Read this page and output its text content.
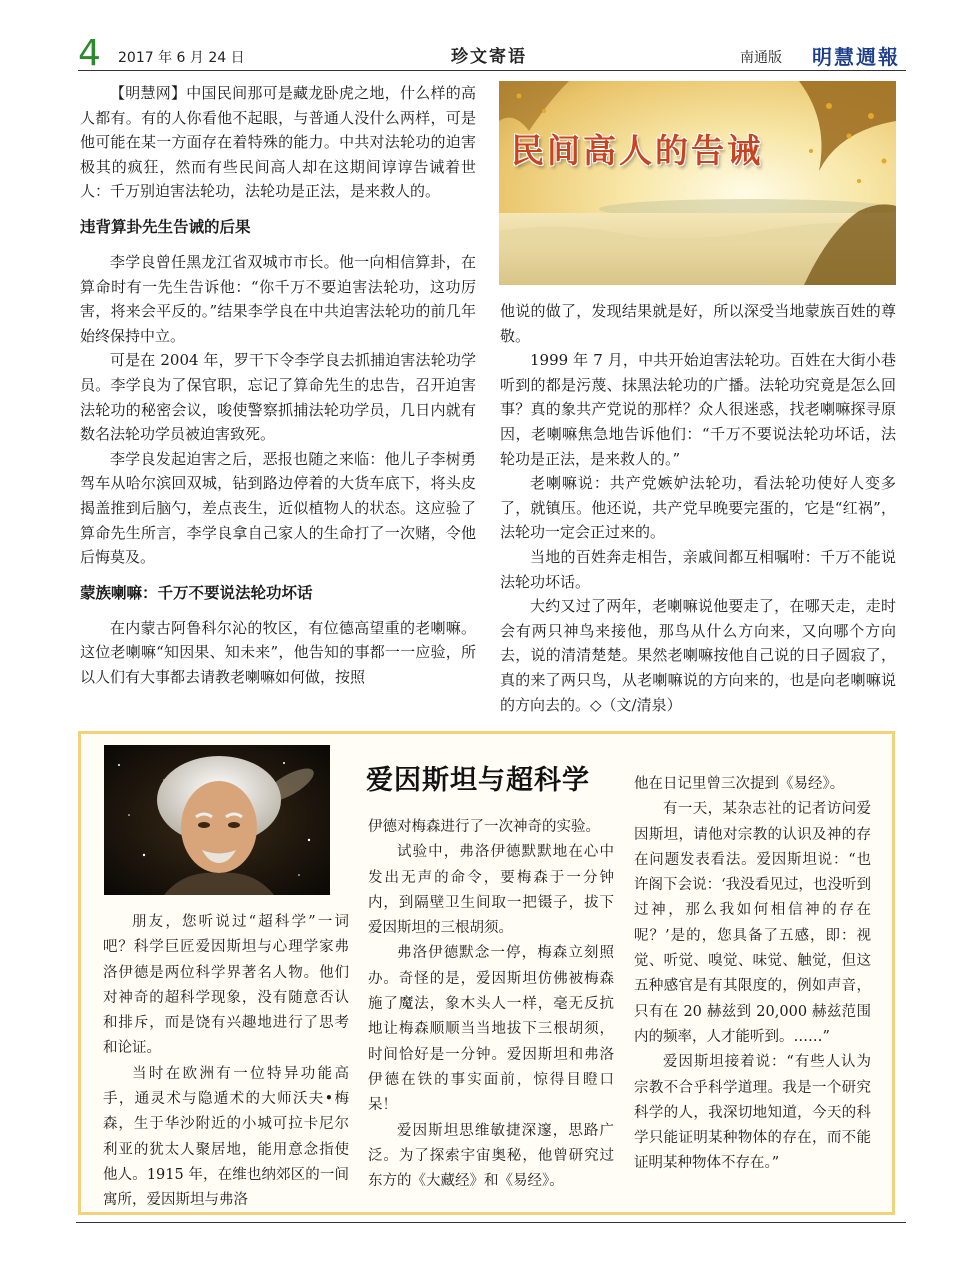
4 2017 年 6 月 24 日	珍文寄语	南通版 明慧週報

【明慧网】中国民间那可是藏龙卧虎之地，什么样的高人都有。有的人你看他不起眼，与普通人没什么两样，可是他可能在某一方面存在着特殊的能力。中共对法轮功的迫害极其的疯狂，然而有些民间高人却在这期间谆谆告诫着世人：千万别迫害法轮功，法轮功是正法，是来救人的。

违背算卦先生告诫的后果

李学良曾任黑龙江省双城市市长。他一向相信算卦，在算命时有一先生告诉他：“你千万不要迫害法轮功，这功厉害，将来会平反的。”结果李学良在中共迫害法轮功的前几年始终保持中立。

可是在 2004 年，罗干下令李学良去抓捕迫害法轮功学员。李学良为了保官职，忘记了算命先生的忠告，召开迫害法轮功的秘密会议，唆使警察抓捕法轮功学员，几日内就有数名法轮功学员被迫害致死。

李学良发起迫害之后，恶报也随之来临：他儿子李树勇驾车从哈尔滨回双城，钻到路边停着的大货车底下，将头皮揭盖推到后脑勺，差点丧生，近似植物人的状态。这应验了算命先生所言，李学良拿自己家人的生命打了一次赌，令他后悔莫及。

蒙族喇嘛：千万不要说法轮功坏话

在内蒙古阿鲁科尔沁的牧区，有位德高望重的老喇嘛。这位老喇嘛“知因果、知未来”，他告知的事都一一应验，所以人们有大事都去请教老喇嘛如何做，按照

民间高人的告诫

他说的做了，发现结果就是好，所以深受当地蒙族百姓的尊敬。

1999 年 7 月，中共开始迫害法轮功。百姓在大街小巷听到的都是污蔑、抹黑法轮功的广播。法轮功究竟是怎么回事？真的象共产党说的那样？众人很迷惑，找老喇嘛探寻原因，老喇嘛焦急地告诉他们：“千万不要说法轮功坏话，法轮功是正法，是来救人的。”

老喇嘛说：共产党嫉妒法轮功，看法轮功使好人变多了，就镇压。他还说，共产党早晚要完蛋的，它是“红祸”，法轮功一定会正过来的。

当地的百姓奔走相告，亲戚间都互相嘱咐：千万不能说法轮功坏话。

大约又过了两年，老喇嘛说他要走了，在哪天走，走时会有两只神鸟来接他，那鸟从什么方向来，又向哪个方向去，说的清清楚楚。果然老喇嘛按他自己说的日子圆寂了，真的来了两只鸟，从老喇嘛说的方向来的，也是向老喇嘛说的方向去的。◇（文/清泉）

爱因斯坦与超科学

朋友，您听说过“超科学”一词吧？科学巨匠爱因斯坦与心理学家弗洛伊德是两位科学界著名人物。他们对神奇的超科学现象，没有随意否认和排斥，而是饶有兴趣地进行了思考和论证。

当时在欧洲有一位特异功能高手，通灵术与隐遁术的大师沃夫•梅森，生于华沙附近的小城可拉卡尼尔利亚的犹太人聚居地，能用意念指使他人。1915 年，在维也纳郊区的一间寓所，爱因斯坦与弗洛

伊德对梅森进行了一次神奇的实验。

试验中，弗洛伊德默默地在心中发出无声的命令，要梅森于一分钟内，到隔壁卫生间取一把镊子，拔下爱因斯坦的三根胡须。

弗洛伊德默念一停，梅森立刻照办。奇怪的是，爱因斯坦仿佛被梅森施了魔法，象木头人一样，毫无反抗地让梅森顺顺当当地拔下三根胡须，时间恰好是一分钟。爱因斯坦和弗洛伊德在铁的事实面前，惊得目瞪口呆！

爱因斯坦思维敏捷深邃，思路广泛。为了探索宇宙奥秘，他曾研究过东方的《大藏经》和《易经》。

他在日记里曾三次提到《易经》。

有一天，某杂志社的记者访问爱因斯坦，请他对宗教的认识及神的存在问题发表看法。爱因斯坦说：“也许阁下会说：‘我没看见过，也没听到过神，那么我如何相信神的存在呢？’是的，您具备了五感，即：视觉、听觉、嗅觉、味觉、触觉，但这五种感官是有其限度的，例如声音，只有在 20 赫兹到 20,000 赫兹范围内的频率，人才能听到。……”

爱因斯坦接着说：“有些人认为宗教不合乎科学道理。我是一个研究科学的人，我深切地知道，今天的科学只能证明某种物体的存在，而不能证明某种物体不存在。”
